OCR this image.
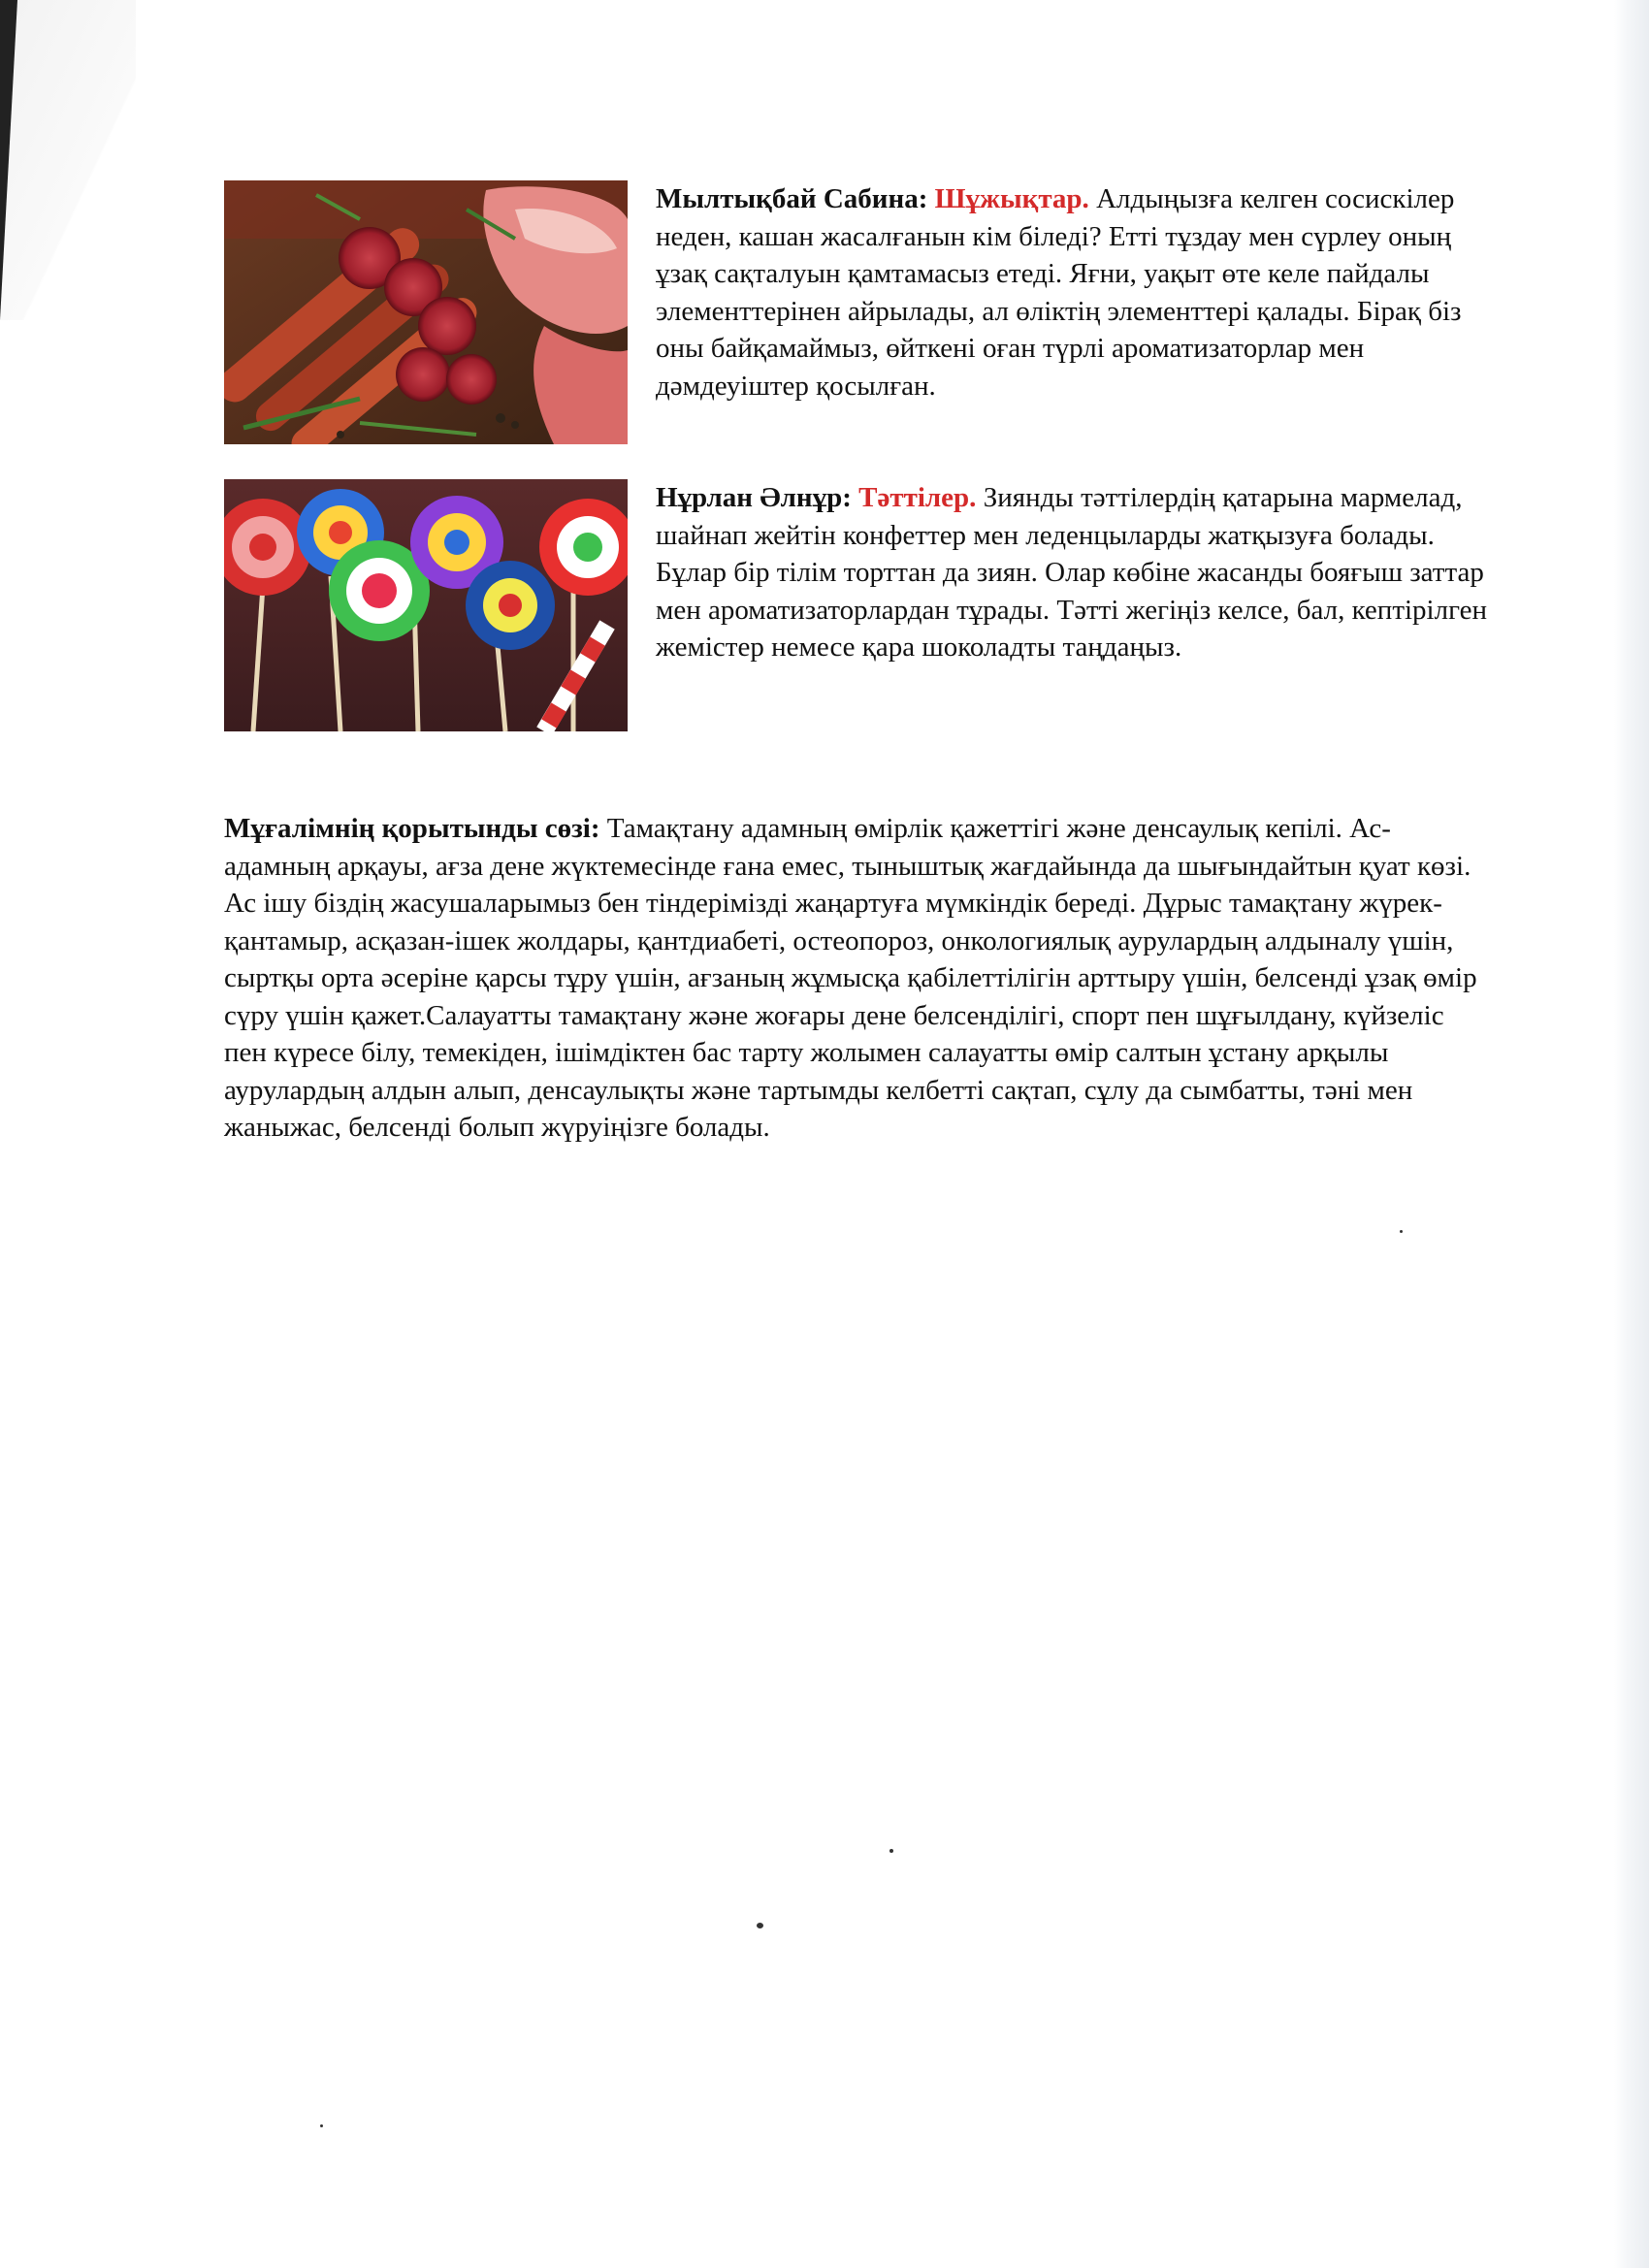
Мылтықбай Сабина: Шұжықтар. Алдыңызға келген сосискілер неден, кашан жасалғанын кім біледі? Етті тұздау мен сүрлеу оның ұзақ сақталуын қамтамасыз етеді. Яғни, уақыт өте келе пайдалы элементтерінен айрылады, ал өліктің элементтері қалады. Бірақ біз оны байқамаймыз, өйткені оған түрлі ароматизаторлар мен дәмдеуіштер қосылған.
Нұрлан Әлнұр: Тәттілер. Зиянды тәттілердің қатарына мармелад, шайнап жейтін конфеттер мен леденцыларды жатқызуға болады. Бұлар бір тілім торттан да зиян. Олар көбіне жасанды бояғыш заттар мен ароматизаторлардан тұрады. Тәтті жегіңіз келсе, бал, кептірілген жемістер немесе қара шоколадты таңдаңыз.
Мұғалімнің қорытынды сөзі: Тамақтану адамның өмірлік қажеттігі және денсаулық кепілі. Ас-адамның арқауы, ағза дене жүктемесінде ғана емес, тыныштық жағдайында да шығындайтын қуат көзі. Ас ішу біздің жасушаларымыз бен тіндерімізді жаңартуға мүмкіндік береді. Дұрыс тамақтану жүрек-қантамыр, асқазан-ішек жолдары, қантдиабеті, остеопороз, онкологиялық аурулардың алдыналу үшін, сыртқы орта әсеріне қарсы тұру үшін, ағзаның жұмысқа қабілеттілігін арттыру үшін, белсенді ұзақ өмір сүру үшін қажет.Салауатты тамақтану және жоғары дене белсенділігі, спорт пен шұғылдану, күйзеліс пен күресе білу, темекіден, ішімдіктен бас тарту жолымен салауатты өмір салтын ұстану арқылы аурулардың алдын алып, денсаулықты және тартымды келбетті сақтап, сұлу да сымбатты, тәні мен жаныжас, белсенді болып жүруіңізге болады.
